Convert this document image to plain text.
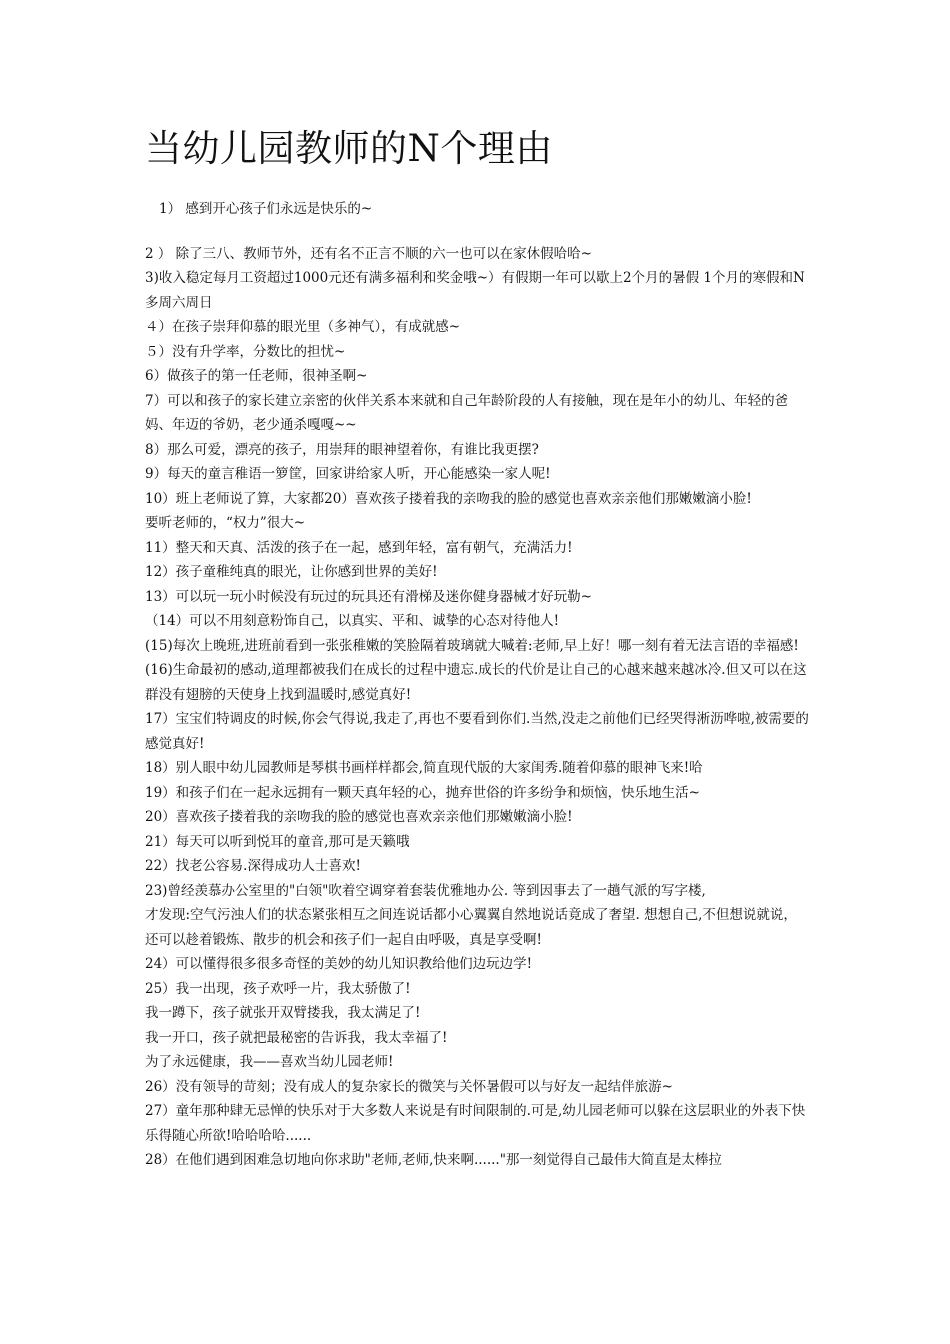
当幼儿园教师的N个理由
1） 感到开心孩子们永远是快乐的~
2 ） 除了三八、教师节外，还有名不正言不顺的六一也可以在家休假哈哈~
3)收入稳定每月工资超过1000元还有满多福利和奖金哦~）有假期一年可以歇上2个月的暑假 1个月的寒假和N多周六周日
４）在孩子崇拜仰慕的眼光里（多神气），有成就感~
５）没有升学率，分数比的担忧~
6）做孩子的第一任老师，很神圣啊~
7）可以和孩子的家长建立亲密的伙伴关系本来就和自己年龄阶段的人有接触，现在是年小的幼儿、年轻的爸妈、年迈的爷奶，老少通杀嘎嘎~~
8）那么可爱，漂亮的孩子，用崇拜的眼神望着你，有谁比我更摆?
9）每天的童言稚语一箩筐，回家讲给家人听，开心能感染一家人呢!
10）班上老师说了算，大家都20）喜欢孩子搂着我的亲吻我的脸的感觉也喜欢亲亲他们那嫩嫩滴小脸!
要听老师的，“权力”很大~
11）整天和天真、活泼的孩子在一起，感到年轻，富有朝气，充满活力!
12）孩子童稚纯真的眼光，让你感到世界的美好!
13）可以玩一玩小时候没有玩过的玩具还有滑梯及迷你健身器械才好玩勒~
（14）可以不用刻意粉饰自己，以真实、平和、诚挚的心态对待他人!
(15)每次上晚班,进班前看到一张张稚嫩的笑脸隔着玻璃就大喊着:老师,早上好！哪一刻有着无法言语的幸福感!
(16)生命最初的感动,道理都被我们在成长的过程中遗忘.成长的代价是让自己的心越来越来越冰冷.但又可以在这群没有翅膀的天使身上找到温暖时,感觉真好!
17）宝宝们特调皮的时候,你会气得说,我走了,再也不要看到你们.当然,没走之前他们已经哭得淅沥哗啦,被需要的感觉真好!
18）别人眼中幼儿园教师是琴棋书画样样都会,简直现代版的大家闺秀.随着仰慕的眼神飞来!哈
19）和孩子们在一起永远拥有一颗天真年轻的心，抛弃世俗的许多纷争和烦恼，快乐地生活~
20）喜欢孩子搂着我的亲吻我的脸的感觉也喜欢亲亲他们那嫩嫩滴小脸!
21）每天可以听到悦耳的童音,那可是天籁哦
22）找老公容易.深得成功人士喜欢!
23)曾经羡慕办公室里的"白领"吹着空调穿着套装优雅地办公. 等到因事去了一趟气派的写字楼,
才发现:空气污浊人们的状态紧张相互之间连说话都小心翼翼自然地说话竟成了奢望. 想想自己,不但想说就说，还可以趁着锻炼、散步的机会和孩子们一起自由呼吸，真是享受啊!
24）可以懂得很多很多奇怪的美妙的幼儿知识教给他们边玩边学!
25）我一出现，孩子欢呼一片，我太骄傲了!
我一蹲下，孩子就张开双臂搂我，我太满足了!
我一开口，孩子就把最秘密的告诉我，我太幸福了!
为了永远健康，我——喜欢当幼儿园老师!
26）没有领导的苛刻；没有成人的复杂家长的微笑与关怀暑假可以与好友一起结伴旅游~
27）童年那种肆无忌惮的快乐对于大多数人来说是有时间限制的.可是,幼儿园老师可以躲在这层职业的外表下快乐得随心所欲!哈哈哈哈......
28）在他们遇到困难急切地向你求助"老师,老师,快来啊......"那一刻觉得自己最伟大简直是太棒拉
